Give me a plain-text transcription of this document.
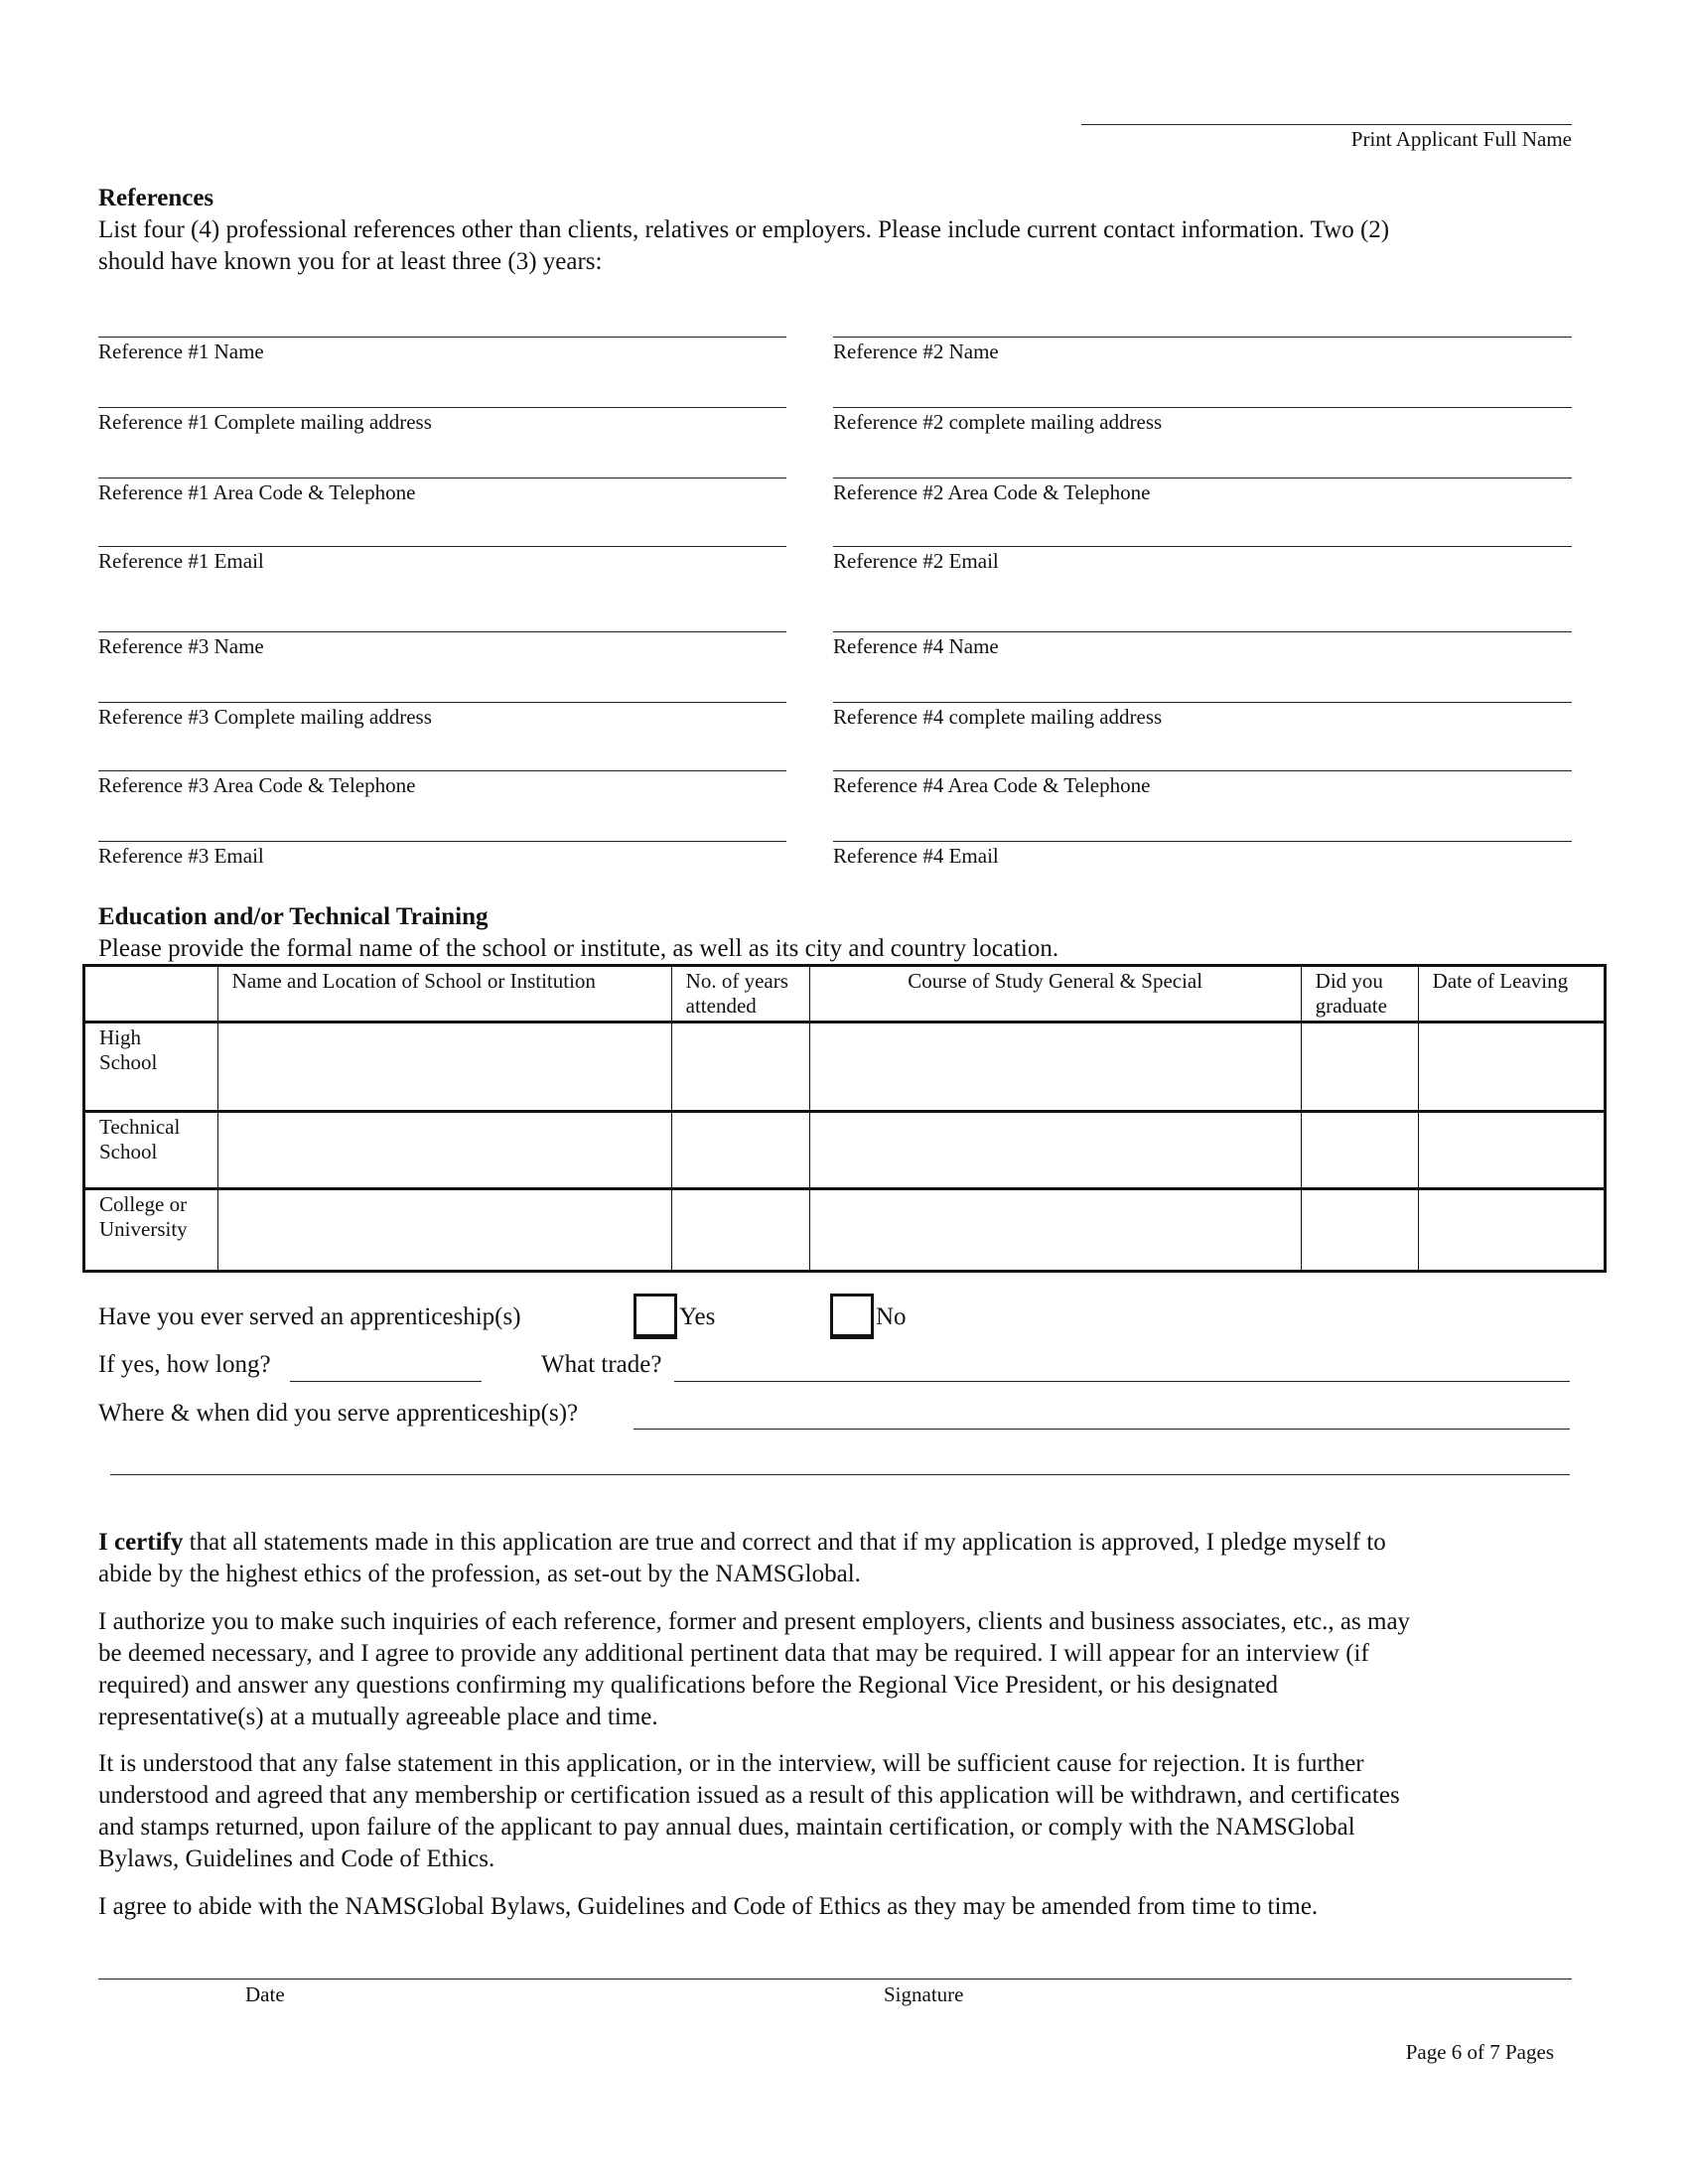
Print Applicant Full Name
References
List four (4) professional references other than clients, relatives or employers. Please include current contact information. Two (2)
should have known you for at least three (3) years:
Reference #1 Name
Reference #1 Complete mailing address
Reference #1 Area Code & Telephone
Reference #1 Email
Reference #2 Name
Reference #2 complete mailing address
Reference #2 Area Code & Telephone
Reference #2 Email
Reference #3 Name
Reference #3 Complete mailing address
Reference #3 Area Code & Telephone
Reference #3 Email
Reference #4 Name
Reference #4 complete mailing address
Reference #4 Area Code & Telephone
Reference #4 Email
Education and/or Technical Training
Please provide the formal name of the school or institute, as well as its city and country location.
	Name and Location of School or Institution	No. of years attended	Course of Study General & Special	Did you graduate	Date of Leaving
High School					
Technical School					
College or University					
Have you ever served an apprenticeship(s)	Yes	No
If yes, how long?	What trade?
Where & when did you serve apprenticeship(s)?
I certify that all statements made in this application are true and correct and that if my application is approved, I pledge myself to
abide by the highest ethics of the profession, as set-out by the NAMSGlobal.
I authorize you to make such inquiries of each reference, former and present employers, clients and business associates, etc., as may
be deemed necessary, and I agree to provide any additional pertinent data that may be required. I will appear for an interview (if
required) and answer any questions confirming my qualifications before the Regional Vice President, or his designated
representative(s) at a mutually agreeable place and time.
It is understood that any false statement in this application, or in the interview, will be sufficient cause for rejection. It is further
understood and agreed that any membership or certification issued as a result of this application will be withdrawn, and certificates
and stamps returned, upon failure of the applicant to pay annual dues, maintain certification, or comply with the NAMSGlobal
Bylaws, Guidelines and Code of Ethics.
I agree to abide with the NAMSGlobal Bylaws, Guidelines and Code of Ethics as they may be amended from time to time.
Date	Signature
Page 6 of 7 Pages
